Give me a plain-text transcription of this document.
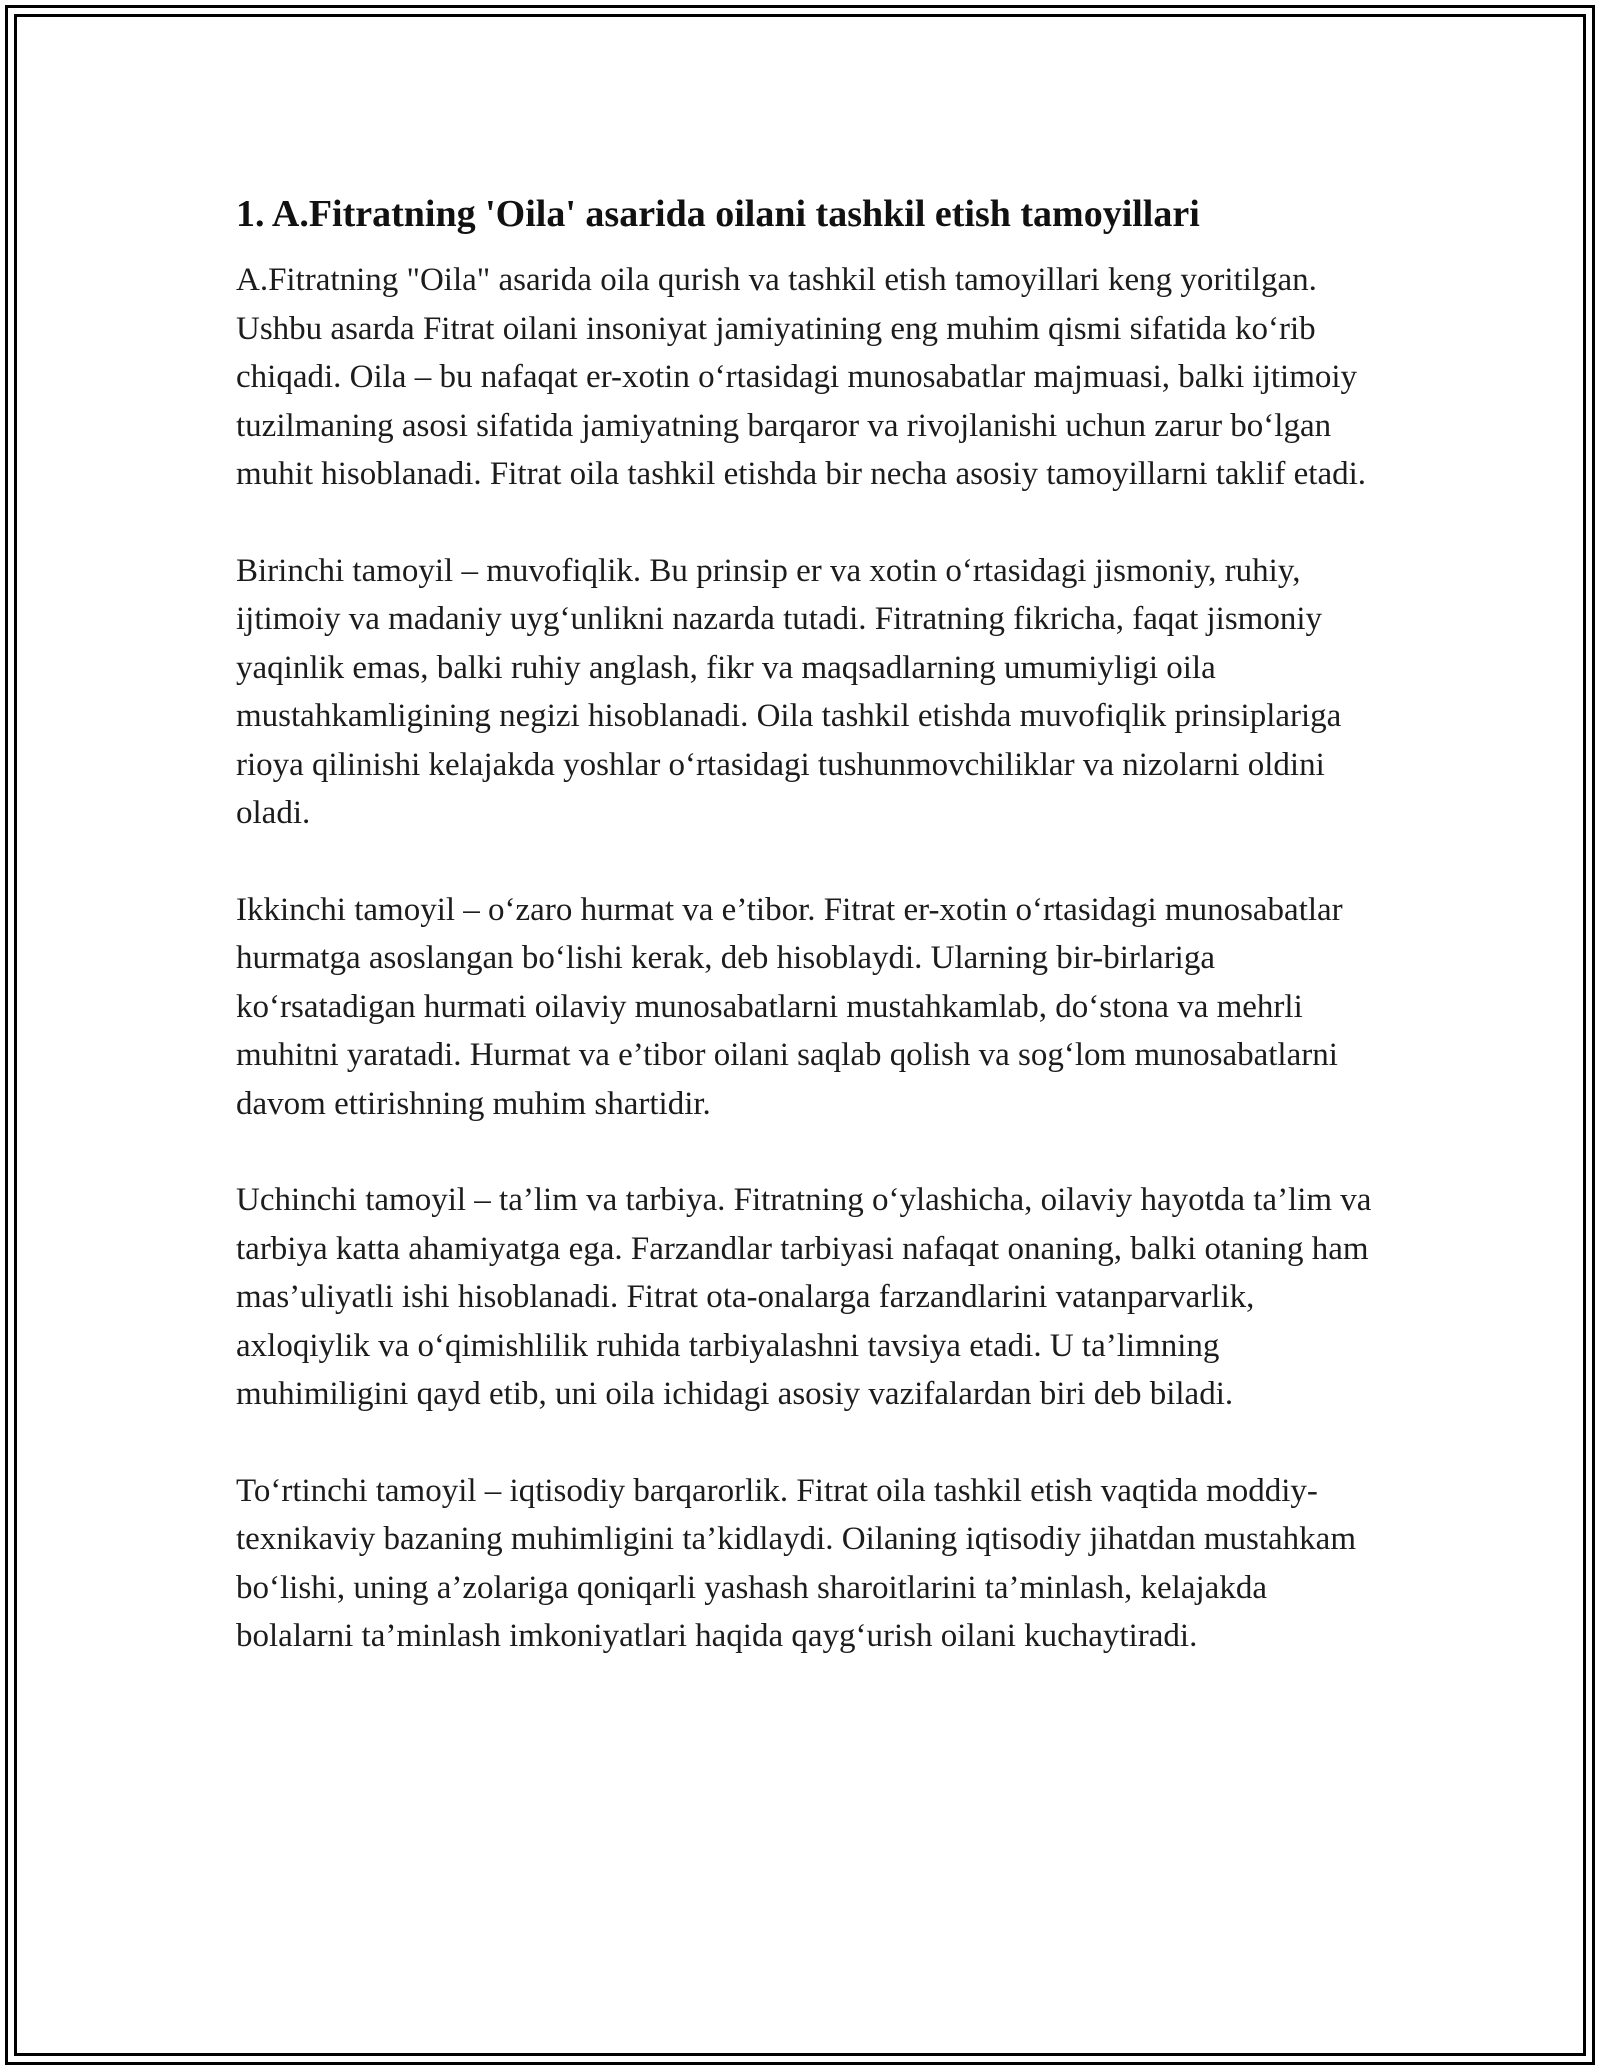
1. A.Fitratning 'Oila' asarida oilani tashkil etish tamoyillari

A.Fitratning "Oila" asarida oila qurish va tashkil etish tamoyillari keng yoritilgan. Ushbu asarda Fitrat oilani insoniyat jamiyatining eng muhim qismi sifatida ko‘rib chiqadi. Oila – bu nafaqat er-xotin o‘rtasidagi munosabatlar majmuasi, balki ijtimoiy tuzilmaning asosi sifatida jamiyatning barqaror va rivojlanishi uchun zarur bo‘lgan muhit hisoblanadi. Fitrat oila tashkil etishda bir necha asosiy tamoyillarni taklif etadi.

Birinchi tamoyil – muvofiqlik. Bu prinsip er va xotin o‘rtasidagi jismoniy, ruhiy, ijtimoiy va madaniy uyg‘unlikni nazarda tutadi. Fitratning fikricha, faqat jismoniy yaqinlik emas, balki ruhiy anglash, fikr va maqsadlarning umumiyligi oila mustahkamligining negizi hisoblanadi. Oila tashkil etishda muvofiqlik prinsiplariga rioya qilinishi kelajakda yoshlar o‘rtasidagi tushunmovchiliklar va nizolarni oldini oladi.

Ikkinchi tamoyil – o‘zaro hurmat va e’tibor. Fitrat er-xotin o‘rtasidagi munosabatlar hurmatga asoslangan bo‘lishi kerak, deb hisoblaydi. Ularning bir-birlariga ko‘rsatadigan hurmati oilaviy munosabatlarni mustahkamlab, do‘stona va mehrli muhitni yaratadi. Hurmat va e’tibor oilani saqlab qolish va sog‘lom munosabatlarni davom ettirishning muhim shartidir.

Uchinchi tamoyil – ta’lim va tarbiya. Fitratning o‘ylashicha, oilaviy hayotda ta’lim va tarbiya katta ahamiyatga ega. Farzandlar tarbiyasi nafaqat onaning, balki otaning ham mas’uliyatli ishi hisoblanadi. Fitrat ota-onalarga farzandlarini vatanparvarlik, axloqiylik va o‘qimishlilik ruhida tarbiyalashni tavsiya etadi. U ta’limning muhimiligini qayd etib, uni oila ichidagi asosiy vazifalardan biri deb biladi.

To‘rtinchi tamoyil – iqtisodiy barqarorlik. Fitrat oila tashkil etish vaqtida moddiy-texnikaviy bazaning muhimligini ta’kidlaydi. Oilaning iqtisodiy jihatdan mustahkam bo‘lishi, uning a’zolariga qoniqarli yashash sharoitlarini ta’minlash, kelajakda bolalarni ta’minlash imkoniyatlari haqida qayg‘urish oilani kuchaytiradi.
